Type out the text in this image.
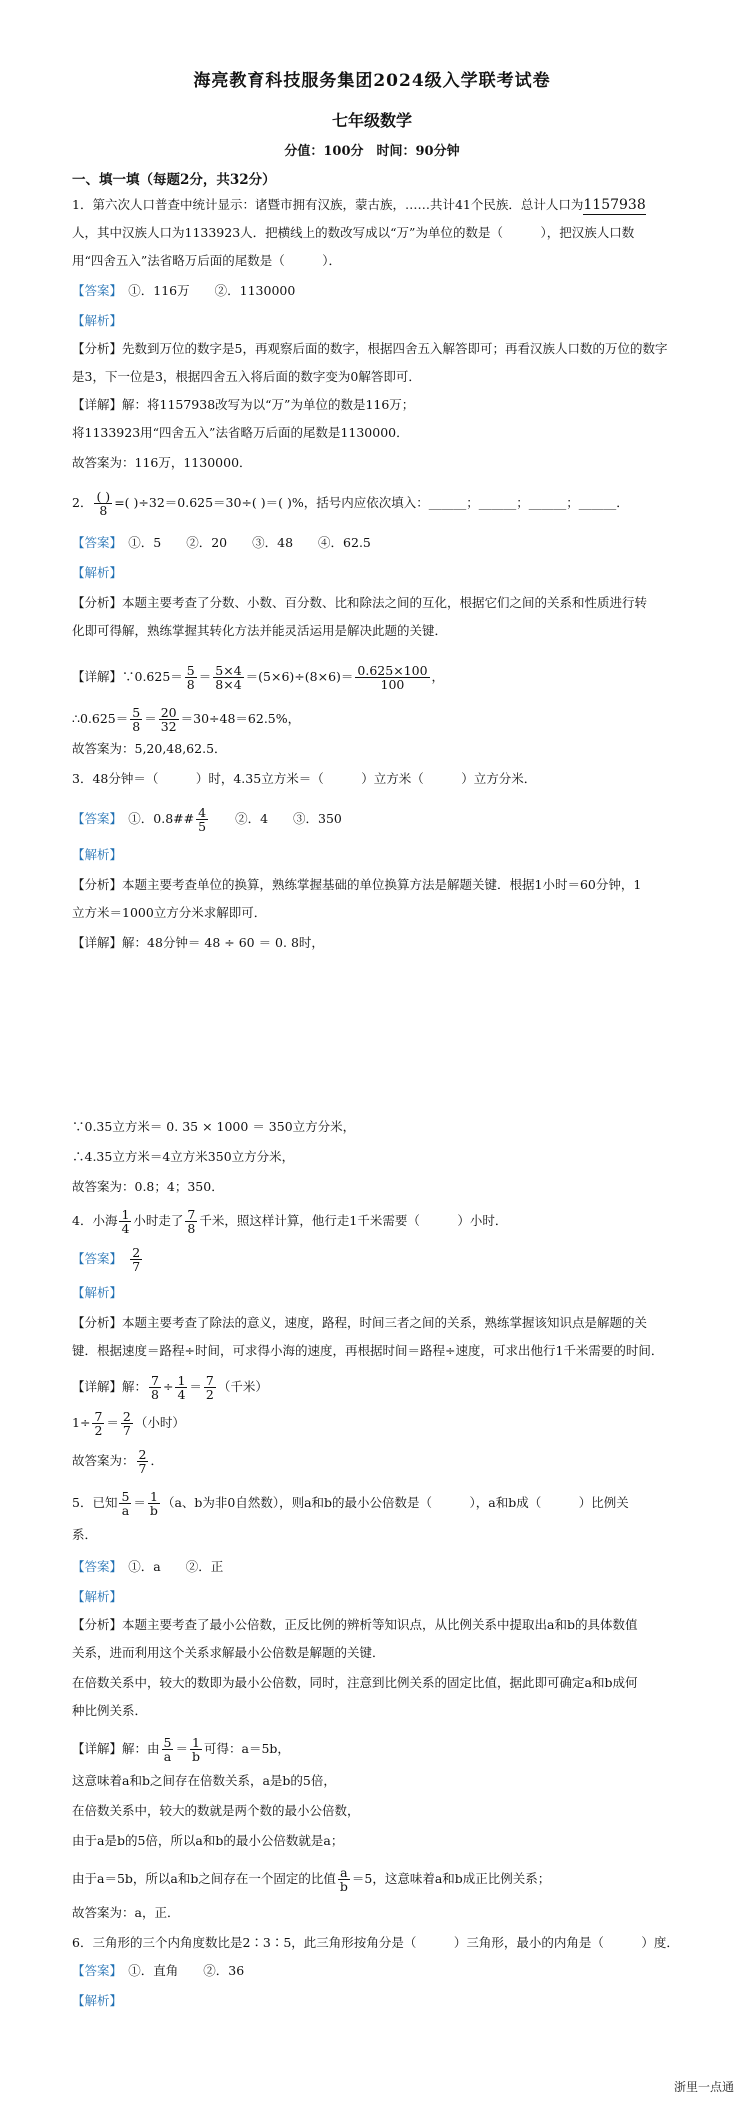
海亮教育科技服务集团2024级入学联考试卷
七年级数学
分值：100分　时间：90分钟
一、填一填（每题2分，共32分）
1．第六次人口普查中统计显示：诸暨市拥有汉族，蒙古族，……共计41个民族．总计人口为1157938
人，其中汉族人口为1133923人．把横线上的数改写成以“万”为单位的数是（　　　），把汉族人口数
用“四舍五入”法省略万后面的尾数是（　　　）．
【答案】　 ①．116万　　②．1130000
【解析】
【分析】先数到万位的数字是5，再观察后面的数字，根据四舍五入解答即可；再看汉族人口数的万位的数字
是3，下一位是3，根据四舍五入将后面的数字变为0解答即可．
【详解】解：将1157938改写为以“万”为单位的数是116万；
将1133923用“四舍五入”法省略万后面的尾数是1130000．
故答案为：116万，1130000．
2． $\frac{( )}{8}$ =( )÷32＝0.625＝30÷( )＝( )%，括号内应依次填入：______；______；______；______．
【答案】　 ①．5　　②．20　　③．48　　④．62.5
【解析】
【分析】本题主要考查了分数、小数、百分数、比和除法之间的互化，根据它们之间的关系和性质进行转
化即可得解，熟练掌握其转化方法并能灵活运用是解决此题的关键．
【详解】∵0.625＝ $\frac{5}{8} = \frac{5\times 4}{8\times 4} =(5\times 6)\div(8\times 6)= \frac{0.625\times 100}{100}$ ，
∴0.625＝ $\frac{5}{8} = \frac{20}{32} =30\div 48=62.5\%$，
故答案为：5,20,48,62.5．
3．48分钟＝（　　　）时，4.35立方米＝（　　　）立方米（　　　）立方分米．
【答案】　 ①．0.8## $\frac{4}{5}$ 　　②．4　　③．350
【解析】
【分析】本题主要考查单位的换算，熟练掌握基础的单位换算方法是解题关键．根据1小时＝60分钟，1
立方米＝1000立方分米求解即可．
【详解】解：48分钟＝ 48 ÷ 60 ＝ 0. 8时，
∵0.35立方米＝ 0. 35 × 1000 ＝ 350立方分米，
∴4.35立方米＝4立方米350立方分米，
故答案为：0.8；4；350．
4．小海 $\frac{1}{4}$ 小时走了 $\frac{7}{8}$ 千米，照这样计算，他行走1千米需要（　　　）小时．
【答案】　 $\frac{2}{7}$
【解析】
【分析】本题主要考查了除法的意义，速度，路程，时间三者之间的关系，熟练掌握该知识点是解题的关
键．根据速度＝路程÷时间，可求得小海的速度，再根据时间＝路程÷速度，可求出他行1千米需要的时间．
【详解】解： $\frac{7}{8} \div \frac{1}{4} = \frac{7}{2}$ （千米）
$1\div \frac{7}{2} = \frac{2}{7}$ （小时）
故答案为： $\frac{2}{7}$ ．
5．已知 $\frac{5}{a} = \frac{1}{b} (a$、b为非0自然数），则a和b的最小公倍数是（　　　），a和b成（　　　）比例关
系．
【答案】　 ①．a　　②．正
【解析】
【分析】本题主要考查了最小公倍数，正反比例的辨析等知识点，从比例关系中提取出a和b的具体数值
关系，进而利用这个关系求解最小公倍数是解题的关键．
在倍数关系中，较大的数即为最小公倍数，同时，注意到比例关系的固定比值，据此即可确定a和b成何
种比例关系．
【详解】解：由 $\frac{5}{a} = \frac{1}{b}$ 可得：a＝5b，
这意味着a和b之间存在倍数关系，a是b的5倍，
在倍数关系中，较大的数就是两个数的最小公倍数，
由于a是b的5倍，所以a和b的最小公倍数就是a；
由于a＝5b，所以a和b之间存在一个固定的比值 $\frac{a}{b} =5$，这意味着a和b成正比例关系；
故答案为：a，正．
6．三角形的三个内角度数比是2∶3∶5，此三角形按角分是（　　　）三角形，最小的内角是（　　　）度．
【答案】　 ①．直角　　②．36
【解析】
浙里一点通
